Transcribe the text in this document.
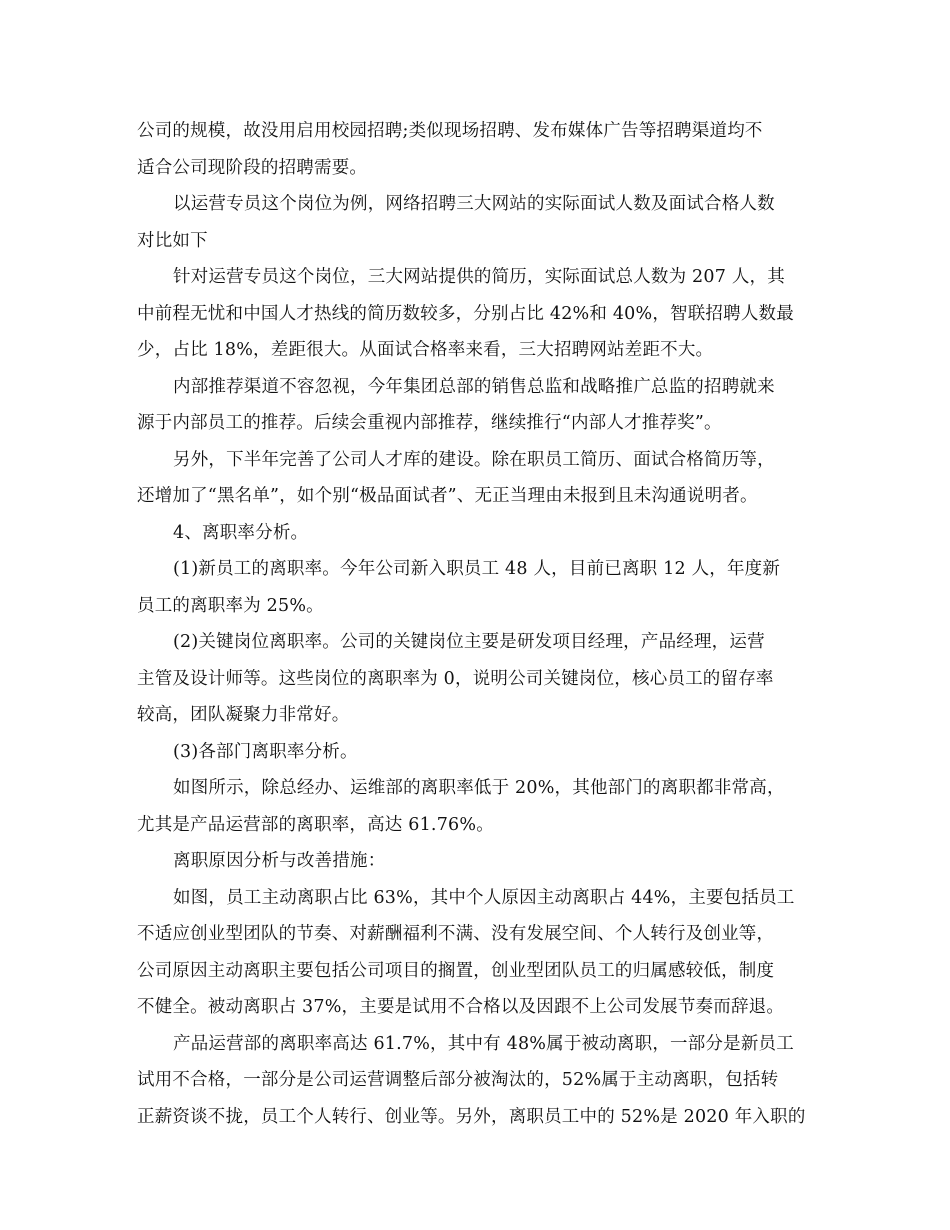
公司的规模，故没用启用校园招聘;类似现场招聘、发布媒体广告等招聘渠道均不
适合公司现阶段的招聘需要。
以运营专员这个岗位为例，网络招聘三大网站的实际面试人数及面试合格人数
对比如下
针对运营专员这个岗位，三大网站提供的简历，实际面试总人数为 207 人，其
中前程无忧和中国人才热线的简历数较多，分别占比 42%和 40%，智联招聘人数最
少，占比 18%，差距很大。从面试合格率来看，三大招聘网站差距不大。
内部推荐渠道不容忽视，今年集团总部的销售总监和战略推广总监的招聘就来
源于内部员工的推荐。后续会重视内部推荐，继续推行“内部人才推荐奖”。
另外，下半年完善了公司人才库的建设。除在职员工简历、面试合格简历等，
还增加了“黑名单”，如个别“极品面试者”、无正当理由未报到且未沟通说明者。
4、离职率分析。
(1)新员工的离职率。今年公司新入职员工 48 人，目前已离职 12 人，年度新
员工的离职率为 25%。
(2)关键岗位离职率。公司的关键岗位主要是研发项目经理，产品经理，运营
主管及设计师等。这些岗位的离职率为 0，说明公司关键岗位，核心员工的留存率
较高，团队凝聚力非常好。
(3)各部门离职率分析。
如图所示，除总经办、运维部的离职率低于 20%，其他部门的离职都非常高，
尤其是产品运营部的离职率，高达 61.76%。
离职原因分析与改善措施：
如图，员工主动离职占比 63%，其中个人原因主动离职占 44%，主要包括员工
不适应创业型团队的节奏、对薪酬福利不满、没有发展空间、个人转行及创业等，
公司原因主动离职主要包括公司项目的搁置，创业型团队员工的归属感较低，制度
不健全。被动离职占 37%，主要是试用不合格以及因跟不上公司发展节奏而辞退。
产品运营部的离职率高达 61.7%，其中有 48%属于被动离职，一部分是新员工
试用不合格，一部分是公司运营调整后部分被淘汰的，52%属于主动离职，包括转
正薪资谈不拢，员工个人转行、创业等。另外，离职员工中的 52%是 2020 年入职的
